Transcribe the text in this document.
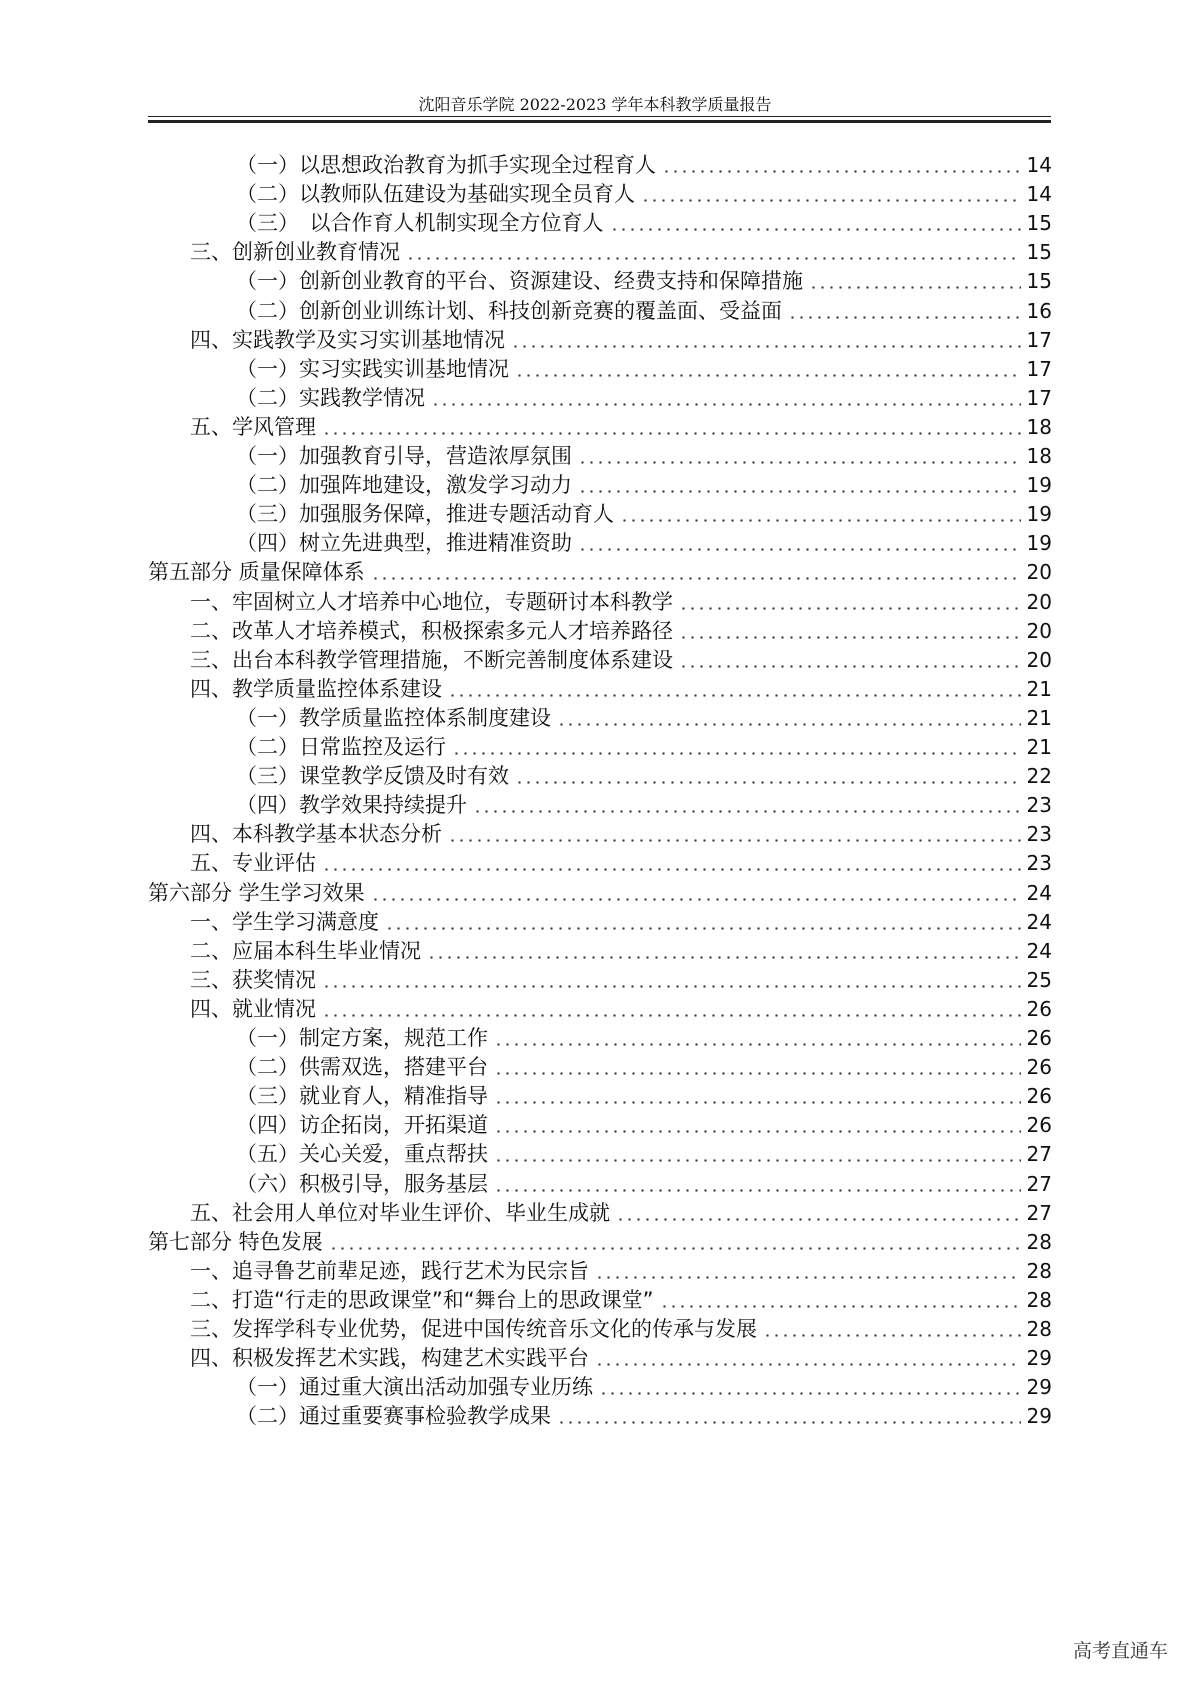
沈阳音乐学院 2022-2023 学年本科教学质量报告
（一）以思想政治教育为抓手实现全过程育人	14
（二）以教师队伍建设为基础实现全员育人	14
（三）　以合作育人机制实现全方位育人	15
三、创新创业教育情况	15
（一）创新创业教育的平台、资源建设、经费支持和保障措施	15
（二）创新创业训练计划、科技创新竞赛的覆盖面、受益面	16
四、实践教学及实习实训基地情况	17
（一）实习实践实训基地情况	17
（二）实践教学情况	17
五、学风管理	18
（一）加强教育引导，营造浓厚氛围	18
（二）加强阵地建设，激发学习动力	19
（三）加强服务保障，推进专题活动育人	19
（四）树立先进典型，推进精准资助	19
第五部分 质量保障体系	20
一、牢固树立人才培养中心地位，专题研讨本科教学	20
二、改革人才培养模式，积极探索多元人才培养路径	20
三、出台本科教学管理措施，不断完善制度体系建设	20
四、教学质量监控体系建设	21
（一）教学质量监控体系制度建设	21
（二）日常监控及运行	21
（三）课堂教学反馈及时有效	22
（四）教学效果持续提升	23
四、本科教学基本状态分析	23
五、专业评估	23
第六部分 学生学习效果	24
一、学生学习满意度	24
二、应届本科生毕业情况	24
三、获奖情况	25
四、就业情况	26
（一）制定方案，规范工作	26
（二）供需双选，搭建平台	26
（三）就业育人，精准指导	26
（四）访企拓岗，开拓渠道	26
（五）关心关爱，重点帮扶	27
（六）积极引导，服务基层	27
五、社会用人单位对毕业生评价、毕业生成就	27
第七部分 特色发展	28
一、追寻鲁艺前辈足迹，践行艺术为民宗旨	28
二、打造“行走的思政课堂”和“舞台上的思政课堂”	28
三、发挥学科专业优势，促进中国传统音乐文化的传承与发展	28
四、积极发挥艺术实践，构建艺术实践平台	29
（一）通过重大演出活动加强专业历练	29
（二）通过重要赛事检验教学成果	29
高考直通车
